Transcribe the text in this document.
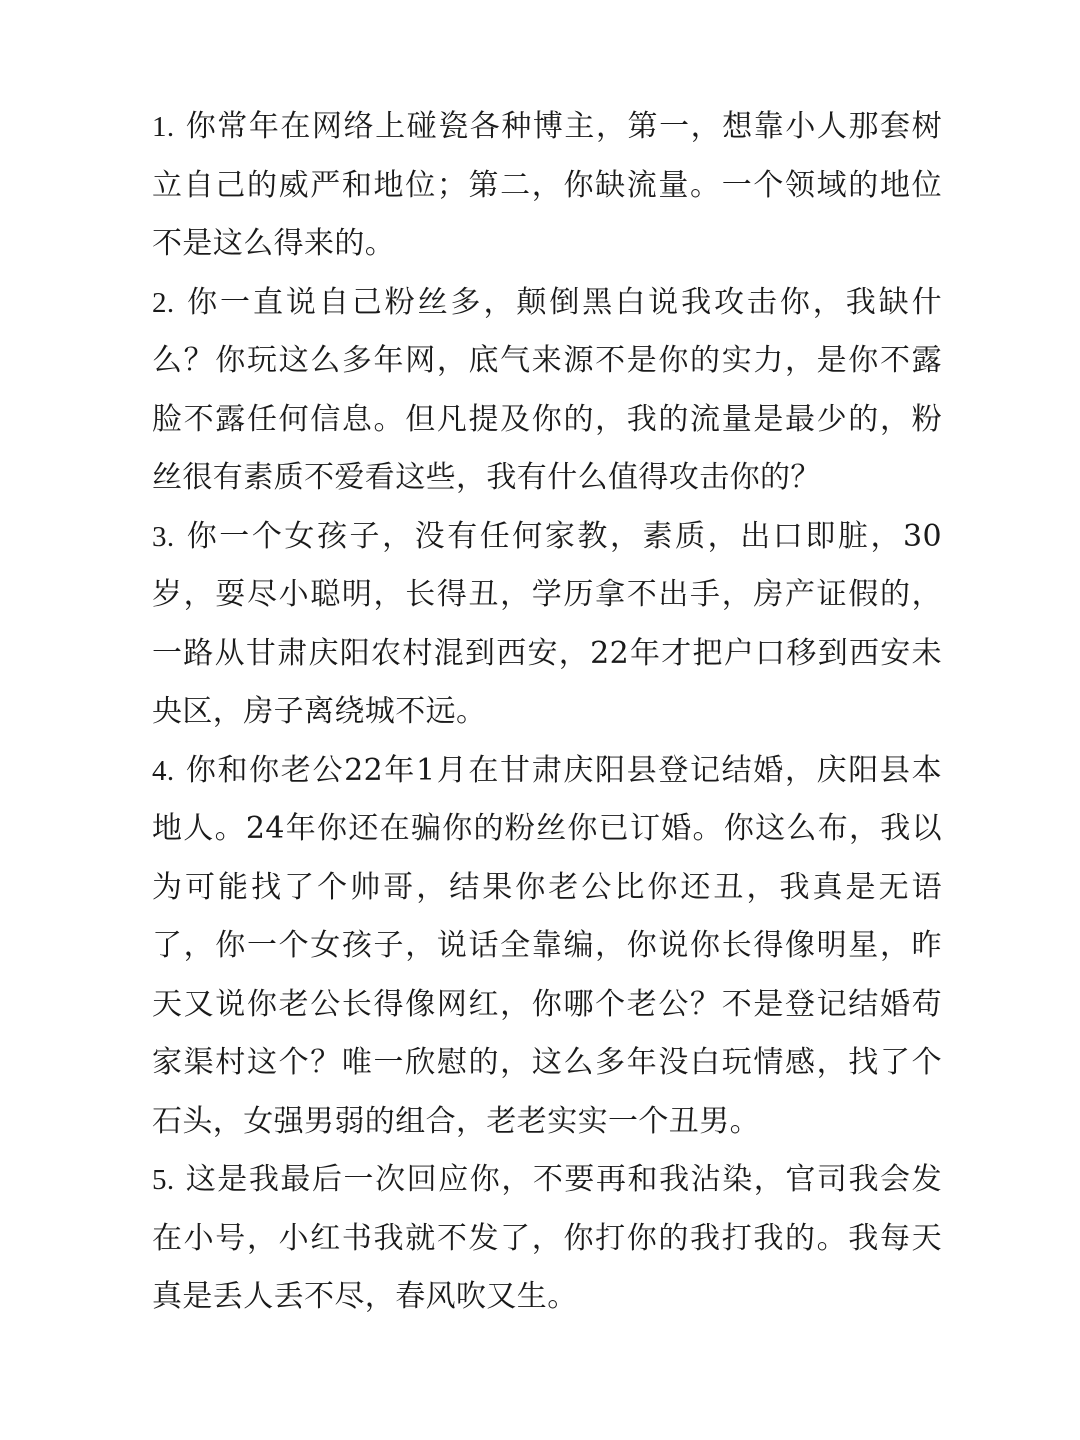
1. 你常年在网络上碰瓷各种博主，第一，想靠小人那套树立自己的威严和地位；第二，你缺流量。一个领域的地位不是这么得来的。

2. 你一直说自己粉丝多，颠倒黑白说我攻击你，我缺什么？你玩这么多年网，底气来源不是你的实力，是你不露脸不露任何信息。但凡提及你的，我的流量是最少的，粉丝很有素质不爱看这些，我有什么值得攻击你的？

3. 你一个女孩子，没有任何家教，素质，出口即脏，30岁，耍尽小聪明，长得丑，学历拿不出手，房产证假的，一路从甘肃庆阳农村混到西安，22年才把户口移到西安未央区，房子离绕城不远。

4. 你和你老公22年1月在甘肃庆阳县登记结婚，庆阳县本地人。24年你还在骗你的粉丝你已订婚。你这么布，我以为可能找了个帅哥，结果你老公比你还丑，我真是无语了，你一个女孩子，说话全靠编，你说你长得像明星，昨天又说你老公长得像网红，你哪个老公？不是登记结婚苟家渠村这个？唯一欣慰的，这么多年没白玩情感，找了个石头，女强男弱的组合，老老实实一个丑男。

5. 这是我最后一次回应你，不要再和我沾染，官司我会发在小号，小红书我就不发了，你打你的我打我的。我每天真是丢人丢不尽，春风吹又生。
